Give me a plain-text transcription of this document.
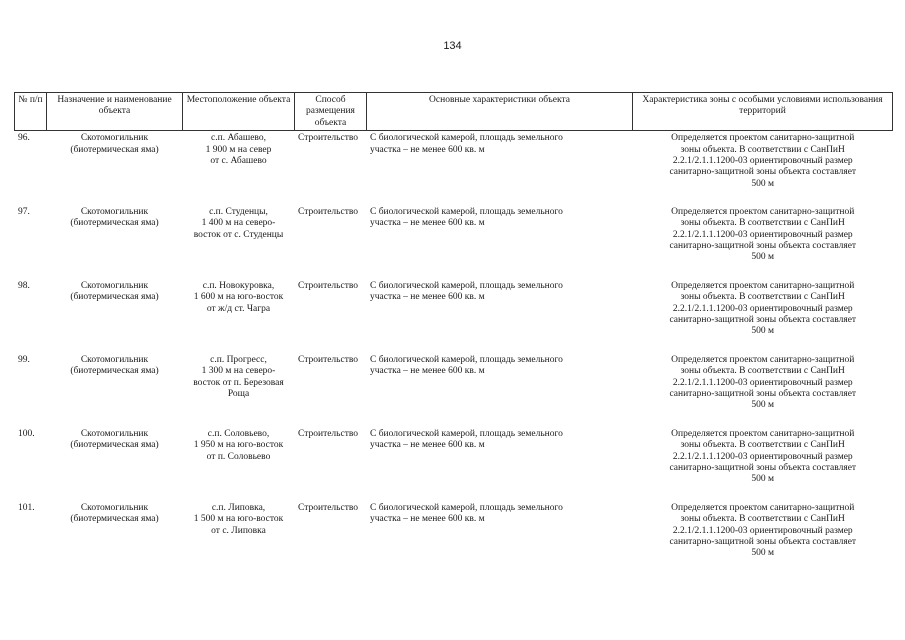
134
№ п/п	Назначение и наименование объекта	Местоположение объекта	Способ размещения объекта	Основные характеристики объекта	Характеристика зоны с особыми условиями использования территорий
96.	Скотомогильник
(биотермическая яма)	с.п. Абашево,
1 900 м на север
от с. Абашево	Строительство	С биологической камерой, площадь земельного
участка – не менее 600 кв. м	Определяется проектом санитарно-защитной
зоны объекта. В соответствии с СанПиН
2.2.1/2.1.1.1200-03 ориентировочный размер
санитарно-защитной зоны объекта составляет
500 м

97.	Скотомогильник
(биотермическая яма)	с.п. Студенцы,
1 400 м на северо-
восток от с. Студенцы	Строительство	С биологической камерой, площадь земельного
участка – не менее 600 кв. м	Определяется проектом санитарно-защитной
зоны объекта. В соответствии с СанПиН
2.2.1/2.1.1.1200-03 ориентировочный размер
санитарно-защитной зоны объекта составляет
500 м

98.	Скотомогильник
(биотермическая яма)	с.п. Новокуровка,
1 600 м на юго-восток
от ж/д ст. Чагра	Строительство	С биологической камерой, площадь земельного
участка – не менее 600 кв. м	Определяется проектом санитарно-защитной
зоны объекта. В соответствии с СанПиН
2.2.1/2.1.1.1200-03 ориентировочный размер
санитарно-защитной зоны объекта составляет
500 м

99.	Скотомогильник
(биотермическая яма)	с.п. Прогресс,
1 300 м на северо-
восток от п. Березовая
Роща	Строительство	С биологической камерой, площадь земельного
участка – не менее 600 кв. м	Определяется проектом санитарно-защитной
зоны объекта. В соответствии с СанПиН
2.2.1/2.1.1.1200-03 ориентировочный размер
санитарно-защитной зоны объекта составляет
500 м

100.	Скотомогильник
(биотермическая яма)	с.п. Соловьево,
1 950 м на юго-восток
от п. Соловьево	Строительство	С биологической камерой, площадь земельного
участка – не менее 600 кв. м	Определяется проектом санитарно-защитной
зоны объекта. В соответствии с СанПиН
2.2.1/2.1.1.1200-03 ориентировочный размер
санитарно-защитной зоны объекта составляет
500 м

101.	Скотомогильник
(биотермическая яма)	с.п. Липовка,
1 500 м на юго-восток
от с. Липовка	Строительство	С биологической камерой, площадь земельного
участка – не менее 600 кв. м	Определяется проектом санитарно-защитной
зоны объекта. В соответствии с СанПиН
2.2.1/2.1.1.1200-03 ориентировочный размер
санитарно-защитной зоны объекта составляет
500 м
